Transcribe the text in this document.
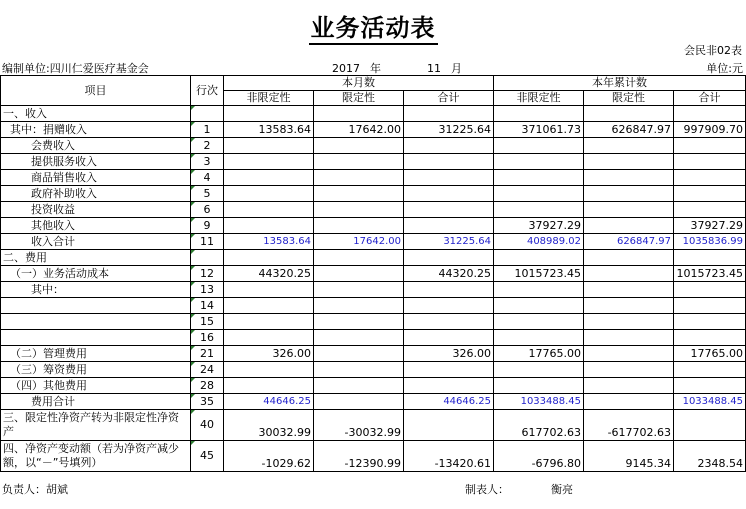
业务活动表
会民非02表
编制单位:四川仁爱医疗基金会	2017 年	11 月	单位:元
项目	行次	本月数			本年累计数		
		非限定性	限定性	合计	非限定性	限定性	合计
一、收入							
其中：捐赠收入	1	13583.64	17642.00	31225.64	371061.73	626847.97	997909.70
会费收入	2						
提供服务收入	3						
商品销售收入	4						
政府补助收入	5						
投资收益	6						
其他收入	9				37927.29		37927.29
收入合计	11	13583.64	17642.00	31225.64	408989.02	626847.97	1035836.99
二、费用							
（一）业务活动成本	12	44320.25		44320.25	1015723.45		1015723.45
其中：	13						
	14						
	15						
	16						
（二）管理费用	21	326.00		326.00	17765.00		17765.00
（三）筹资费用	24						
（四）其他费用	28						
费用合计	35	44646.25		44646.25	1033488.45		1033488.45
三、限定性净资产转为非限定性净资产	40	30032.99	-30032.99		617702.63	-617702.63	
四、净资产变动额（若为净资产减少额，以“－”号填列）	45	-1029.62	-12390.99	-13420.61	-6796.80	9145.34	2348.54
负责人：胡斌	制表人：	衡亮
